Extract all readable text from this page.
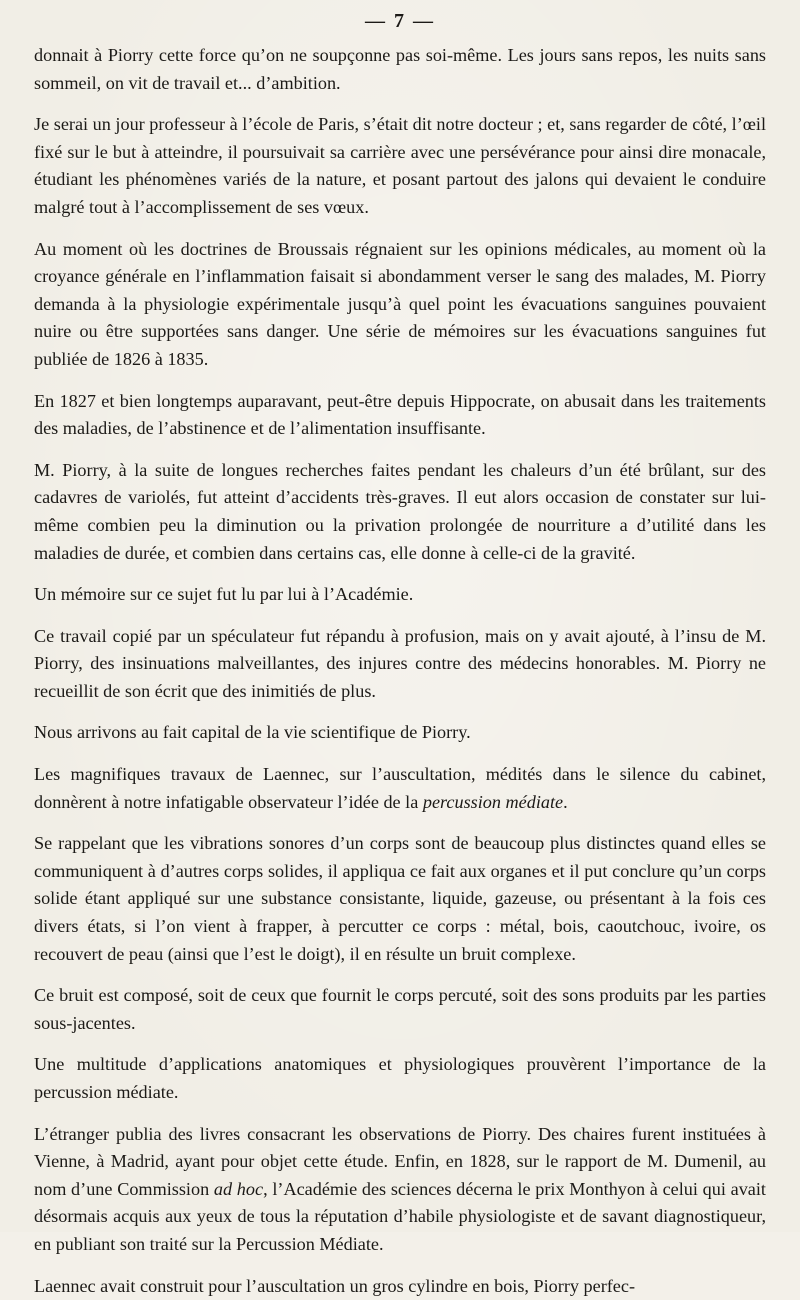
— 7 —

donnait à Piorry cette force qu’on ne soupçonne pas soi-même. Les jours sans repos, les nuits sans sommeil, on vit de travail et... d’ambition.

Je serai un jour professeur à l’école de Paris, s’était dit notre docteur ; et, sans regarder de côté, l’œil fixé sur le but à atteindre, il poursuivait sa carrière avec une persévérance pour ainsi dire monacale, étudiant les phénomènes variés de la nature, et posant partout des jalons qui devaient le conduire malgré tout à l’accomplissement de ses vœux.

Au moment où les doctrines de Broussais régnaient sur les opinions médicales, au moment où la croyance générale en l’inflammation faisait si abondamment verser le sang des malades, M. Piorry demanda à la physiologie expérimentale jusqu’à quel point les évacuations sanguines pouvaient nuire ou être supportées sans danger. Une série de mémoires sur les évacuations sanguines fut publiée de 1826 à 1835.

En 1827 et bien longtemps auparavant, peut-être depuis Hippocrate, on abusait dans les traitements des maladies, de l’abstinence et de l’alimentation insuffisante.

M. Piorry, à la suite de longues recherches faites pendant les chaleurs d’un été brûlant, sur des cadavres de variolés, fut atteint d’accidents très-graves. Il eut alors occasion de constater sur lui-même combien peu la diminution ou la privation prolongée de nourriture a d’utilité dans les maladies de durée, et combien dans certains cas, elle donne à celle-ci de la gravité.

Un mémoire sur ce sujet fut lu par lui à l’Académie.

Ce travail copié par un spéculateur fut répandu à profusion, mais on y avait ajouté, à l’insu de M. Piorry, des insinuations malveillantes, des injures contre des médecins honorables. M. Piorry ne recueillit de son écrit que des inimitiés de plus.

Nous arrivons au fait capital de la vie scientifique de Piorry.

Les magnifiques travaux de Laennec, sur l’auscultation, médités dans le silence du cabinet, donnèrent à notre infatigable observateur l’idée de la percussion médiate.

Se rappelant que les vibrations sonores d’un corps sont de beaucoup plus distinctes quand elles se communiquent à d’autres corps solides, il appliqua ce fait aux organes et il put conclure qu’un corps solide étant appliqué sur une substance consistante, liquide, gazeuse, ou présentant à la fois ces divers états, si l’on vient à frapper, à percutter ce corps : métal, bois, caoutchouc, ivoire, os recouvert de peau (ainsi que l’est le doigt), il en résulte un bruit complexe.

Ce bruit est composé, soit de ceux que fournit le corps percuté, soit des sons produits par les parties sous-jacentes.

Une multitude d’applications anatomiques et physiologiques prouvèrent l’importance de la percussion médiate.

L’étranger publia des livres consacrant les observations de Piorry. Des chaires furent instituées à Vienne, à Madrid, ayant pour objet cette étude. Enfin, en 1828, sur le rapport de M. Dumenil, au nom d’une Commission ad hoc, l’Académie des sciences décerna le prix Monthyon à celui qui avait désormais acquis aux yeux de tous la réputation d’habile physiologiste et de savant diagnostiqueur, en publiant son traité sur la Percussion Médiate.

Laennec avait construit pour l’auscultation un gros cylindre en bois, Piorry perfec-
